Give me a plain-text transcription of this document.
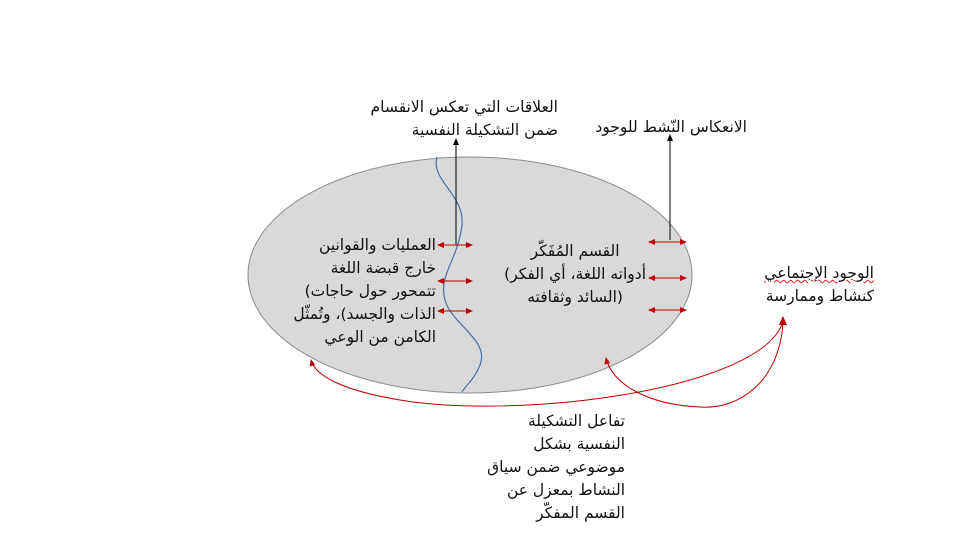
العلاقات التي تعكس الانقسام
ضمن التشكيلة النفسية الانعكاس النّشط للوجود
العمليات والقوانين
خارج قبضة اللغة
تتمحور حول حاجات)
الذات والجسد)، وتُمثّل
الكامن من الوعي
القسم المُفَكّر
أدواته اللغة، أي الفكر)
(السائد وثقافته
الوجود الإجتماعي
كنشاط وممارسة
تفاعل التشكيلة
النفسية بشكل
موضوعي ضمن سياق
النشاط بمعزل عن
القسم المفكّر
